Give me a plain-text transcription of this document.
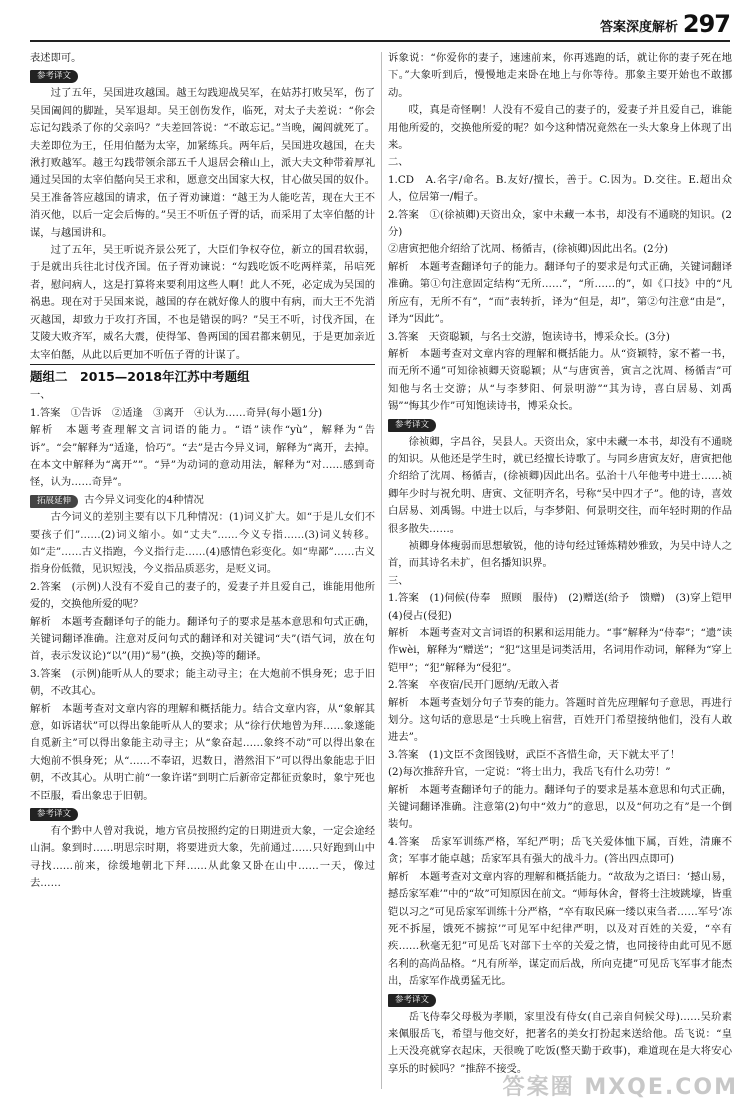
答案深度解析 297

表述即可。

参考译文

过了五年，吴国进攻越国。越王勾践迎战吴军，在姑苏打败吴军，伤了吴国阖闾的脚趾，吴军退却。吴王创伤发作，临死，对太子夫差说：“你会忘记勾践杀了你的父亲吗？”夫差回答说：“不敢忘记。”当晚，阖闾就死了。夫差即位为王，任用伯嚭为太宰，加紧练兵。两年后，吴国进攻越国，在夫湫打败越军。越王勾践带领余部五千人退居会稽山上，派大夫文种带着厚礼通过吴国的太宰伯嚭向吴王求和，愿意交出国家大权，甘心做吴国的奴仆。吴王准备答应越国的请求，伍子胥劝谏道：“越王为人能吃苦，现在大王不消灭他，以后一定会后悔的。”吴王不听伍子胥的话，而采用了太宰伯嚭的计谋，与越国讲和。

过了五年，吴王听说齐景公死了，大臣们争权夺位，新立的国君软弱，于是就出兵往北讨伐齐国。伍子胥劝谏说：“勾践吃饭不吃两样菜，吊唁死者，慰问病人，这是打算将来要利用这些人啊！此人不死，必定成为吴国的祸患。现在对于吴国来说，越国的存在就好像人的腹中有病，而大王不先消灭越国，却致力于攻打齐国，不也是错误的吗？”吴王不听，讨伐齐国，在艾陵大败齐军，威名大震，使得邹、鲁两国的国君都来朝见，于是更加亲近太宰伯嚭，从此以后更加不听伍子胥的计谋了。

题组二　2015—2018年江苏中考题组

一、

1.答案　①告诉　②适逢　③离开　④认为……奇异(每小题1分)

解析　本题考查理解文言词语的能力。“语”读作“yù”，解释为“告诉”。“会”解释为“适逢，恰巧”。“去”是古今异义词，解释为“离开，去掉。在本文中解释为“离开””。“异”为动词的意动用法，解释为“对……感到奇怪，认为……奇异”。

拓展延伸 古今异义词变化的4种情况

古今词义的差别主要有以下几种情况：(1)词义扩大。如“于是儿女们不要孩子们”……(2)词义缩小。如“丈夫”……今义专指……(3)词义转移。如“走”……古义指跑，今义指行走……(4)感情色彩变化。如“卑鄙”……古义指身份低微，见识短浅，今义指品质恶劣，是贬义词。

2.答案　(示例)人没有不爱自己的妻子的，爱妻子并且爱自己，谁能用他所爱的，交换他所爱的呢？

解析　本题考查翻译句子的能力。翻译句子的要求是基本意思和句式正确，关键词翻译准确。注意对反问句式的翻译和对关键词“夫”(语气词，放在句首，表示发议论)“以”(用)“易”(换，交换)等的翻译。

3.答案　(示例)能听从人的要求；能主动寻主；在大炮前不惧身死；忠于旧朝，不改其心。

解析　本题考查对文章内容的理解和概括能力。结合文章内容，从“象解其意，如诉诸状”可以得出象能听从人的要求；从“徐行伏地曾为拜……象遂能自觅新主”可以得出象能主动寻主；从“象奋起……象终不动”可以得出象在大炮前不惧身死；从“……不奉诏，迟数日，潜然泪下”可以得出象能忠于旧朝，不改其心。从明亡前“一象许诺”到明亡后新帝定都征贡象时，象宁死也不臣服，看出象忠于旧朝。

参考译文

有个黔中人曾对我说，地方官员按照约定的日期进贡大象，一定会途经山洞。象到时……明思宗时期，将要进贡大象，先前通过……只好跑到山中寻找……前来，徐缓地朝北下拜……从此象又卧在山中……一天，像过去……

诉象说：“你爱你的妻子，速速前来，你再逃跑的话，就让你的妻子死在地下。”大象听到后，慢慢地走来卧在地上与你等待。那象主要开始也不敢挪动。

哎，真是奇怪啊！人没有不爱自己的妻子的，爱妻子并且爱自己，谁能用他所爱的，交换他所爱的呢？如今这种情况竟然在一头大象身上体现了出来。

二、

1.CD　A.名字/命名。B.友好/擅长，善于。C.因为。D.交往。E.超出众人，位居第一/帽子。

2.答案　①(徐祯卿)天资出众，家中未藏一本书，却没有不通晓的知识。(2分)

②唐寅把他介绍给了沈周、杨循吉，(徐祯卿)因此出名。(2分)

解析　本题考查翻译句子的能力。翻译句子的要求是句式正确，关键词翻译准确。第①句注意固定结构“无所……”，“所……的”，如《口技》中的“凡所应有，无所不有”，“而”表转折，译为“但是，却”，第②句注意“由是”，译为“因此”。

3.答案　天资聪颖，与名士交游，饱读诗书，博采众长。(3分)

解析　本题考查对文章内容的理解和概括能力。从“资颖特，家不蓄一书，而无所不通”可知徐祯卿天资聪颖；从“与唐寅善，寅言之沈周、杨循吉”可知他与名士交游；从“与李梦阳、何景明游”“其为诗，喜白居易、刘禹锡”“悔其少作”可知饱读诗书，博采众长。

参考译文

徐祯卿，字昌谷，吴县人。天资出众，家中未藏一本书，却没有不通晓的知识。从他还是学生时，就已经擅长诗歌了。与同乡唐寅友好，唐寅把他介绍给了沈周、杨循吉，(徐祯卿)因此出名。弘治十八年他考中进士……祯卿年少时与祝允明、唐寅、文征明齐名，号称“吴中四才子”。他的诗，喜效白居易、刘禹锡。中进士以后，与李梦阳、何景明交往，而年轻时期的作品很多散失……。

祯卿身体瘦弱而思想敏锐，他的诗句经过锤炼精妙雅致，为吴中诗人之首，而其诗名未扩，但名播知识界。

三、

1.答案　(1)伺候(侍奉　照顾　服侍)　(2)赠送(给予　馈赠)　(3)穿上铠甲　(4)侵占(侵犯)

解析　本题考查对文言词语的积累和运用能力。“事”解释为“侍奉”；“遗”读作wèi，解释为“赠送”；“犯”这里是词类活用，名词用作动词，解释为“穿上铠甲”；“犯”解释为“侵犯”。

2.答案　卒夜宿/民开门愿纳/无敢入者

解析　本题考查划分句子节奏的能力。答题时首先应理解句子意思，再进行划分。这句话的意思是“士兵晚上宿营，百姓开门希望接纳他们，没有人敢进去”。

3.答案　(1)文臣不贪图钱财，武臣不吝惜生命，天下就太平了！

(2)每次推辞升官，一定说：“将士出力，我岳飞有什么功劳！”

解析　本题考查翻译句子的能力。翻译句子的要求是基本意思和句式正确，关键词翻译准确。注意第(2)句中“效力”的意思，以及“何功之有”是一个倒装句。

4.答案　岳家军训练严格，军纪严明；岳飞关爱体恤下属，百姓，清廉不贪；军事才能卓越；岳家军具有强大的战斗力。(答出四点即可)

解析　本题考查对文章内容的理解和概括能力。“故敌为之语曰：‘撼山易，撼岳家军难’”中的“故”可知原因在前文。“师每休舍，督将士注坡跳壕，皆重铠以习之”可见岳家军训练十分严格，“卒有取民麻一缕以束刍者……军号‘冻死不拆屋，饿死不掳掠’”可见军中纪律严明，以及对百姓的关爱，“卒有疾……秋毫无犯”可见岳飞对部下士卒的关爱之情，也同接待由此可见不愿名利的高尚品格。“凡有所举，谋定而后战，所向克捷”可见岳飞军事才能杰出，岳家军作战勇猛无比。

参考译文

岳飞侍奉父母极为孝顺，家里没有侍女(自己亲自伺候父母)……吴玠素来佩服岳飞，希望与他交好，把著名的美女打扮起来送给他。岳飞说：“皇上天没亮就穿衣起床，天很晚了吃饭(整天勤于政事)，难道现在是大将安心享乐的时候吗？”推辞不接受。

答案圈 MXQE.COM
